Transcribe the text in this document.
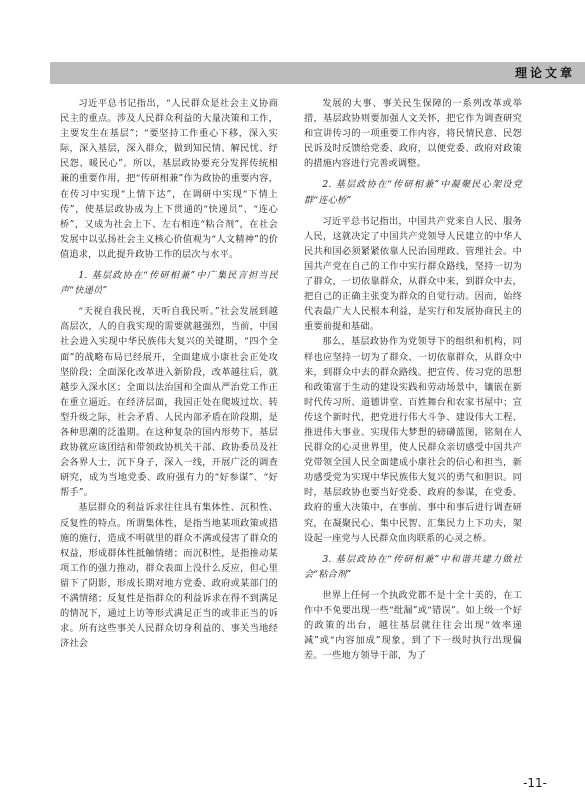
理论文章

习近平总书记指出，“人民群众是社会主义协商民主的重点。涉及人民群众利益的大量决策和工作，主要发生在基层”；“要坚持工作重心下移，深入实际，深入基层，深入群众，做到知民情、解民忧、纾民怨、暖民心”。所以，基层政协要充分发挥传统相兼的重要作用，把“传研相兼”作为政协的重要内容，在传习中实现“上情下达”，在调研中实现“下情上传”，使基层政协成为上下贯通的“快递员”、“连心桥”，又成为社会上下、左右相连“粘合剂”，在社会发展中以弘扬社会主义核心价值观为“人文精神”的价值追求，以此提升政协工作的层次与水平。

1. 基层政协在“传研相兼”中广集民言担当民声“快递员”

“天视自我民视，天听自我民听。”社会发展到越高层次，人的自我实现的需要就越强烈，当前，中国社会进入实现中华民族伟大复兴的关键期，“四个全面”的战略布局已经展开，全面建成小康社会正处攻坚阶段；全面深化改革进入新阶段，改革越往后，就越步入深水区；全面以法治国和全面从严治党工作正在重立逼近。在经济层面，我国正处在爬坡过坎、转型升级之际，社会矛盾、人民内部矛盾在阶段期，是各种思潮的泛滥期。在这种复杂的国内形势下，基层政协就应该团结和带领政协机关干部、政协委员及社会各界人士，沉下身子，深入一线，开展广泛的调查研究，成为当地党委、政府强有力的“好参谋”、“好帮手”。

基层群众的利益诉求往往具有集体性、沉积性、反复性的特点。所谓集体性，是指当地某项政策或措施的施行，造成不明就里的群众不满或侵害了群众的权益，形成群体性抵触情绪；而沉积性，是指推动某项工作的强力推动，群众表面上没什么反应，但心里留下了阴影，形成长期对地方党委、政府或某部门的不满情绪；反复性是指群众的利益诉求在得不到满足的情况下，通过上访等形式满足正当的或非正当的诉求。所有这些事关人民群众切身利益的、事关当地经济社会

发展的大事、事关民生保障的一系列改革或举措，基层政协则要加强人文关怀，把它作为调查研究和宣讲传习的一项重要工作内容，将民情民意、民怨民诉及时反馈给党委、政府，以便党委、政府对政策的措施内容进行完善或调整。

2. 基层政协在“传研相兼”中凝聚民心架设党群“连心桥”

习近平总书记指出，中国共产党来自人民、服务人民，这就决定了中国共产党领导人民建立的中华人民共和国必须紧紧依靠人民治国理政、管理社会。中国共产党在自己的工作中实行群众路线，坚持一切为了群众，一切依靠群众，从群众中来，到群众中去，把自己的正确主张变为群众的自觉行动。因而，始终代表最广大人民根本利益，是实行和发展协商民主的重要前提和基础。

那么，基层政协作为党领导下的组织和机构，同样也应坚持一切为了群众、一切依靠群众，从群众中来，到群众中去的群众路线。把宣传、传习党的思想和政策富于生动的建设实践和劳动场景中，镶嵌在新时代传习所、道德讲堂、百姓舞台和农家书屋中；宣传这个新时代，把党进行伟大斗争、建设伟大工程、推进伟大事业、实现伟大梦想的磅礴蓝图，铭刻在人民群众的心灵世界里，使人民群众亲切感受中国共产党带领全国人民全面建成小康社会的信心和担当，新功感受党为实现中华民族伟大复兴的勇气和胆识。同时，基层政协也要当好党委、政府的参谋，在党委、政府的重大决策中，在事前、事中和事后进行调查研究，在凝聚民心、集中民智、汇集民力上下功夫，架设起一座党与人民群众血肉联系的心灵之桥。

3. 基层政协在“传研相兼”中和谐共建力做社会“粘合剂”

世界上任何一个执政党都不是十全十美的，在工作中不免要出现一些“纰漏”或“错误”。如上级一个好的政策的出台，越往基层就往往会出现“效率递减”或“内容加成”现象，到了下一级时执行出现偏差。一些地方领导干部，为了

-11-
